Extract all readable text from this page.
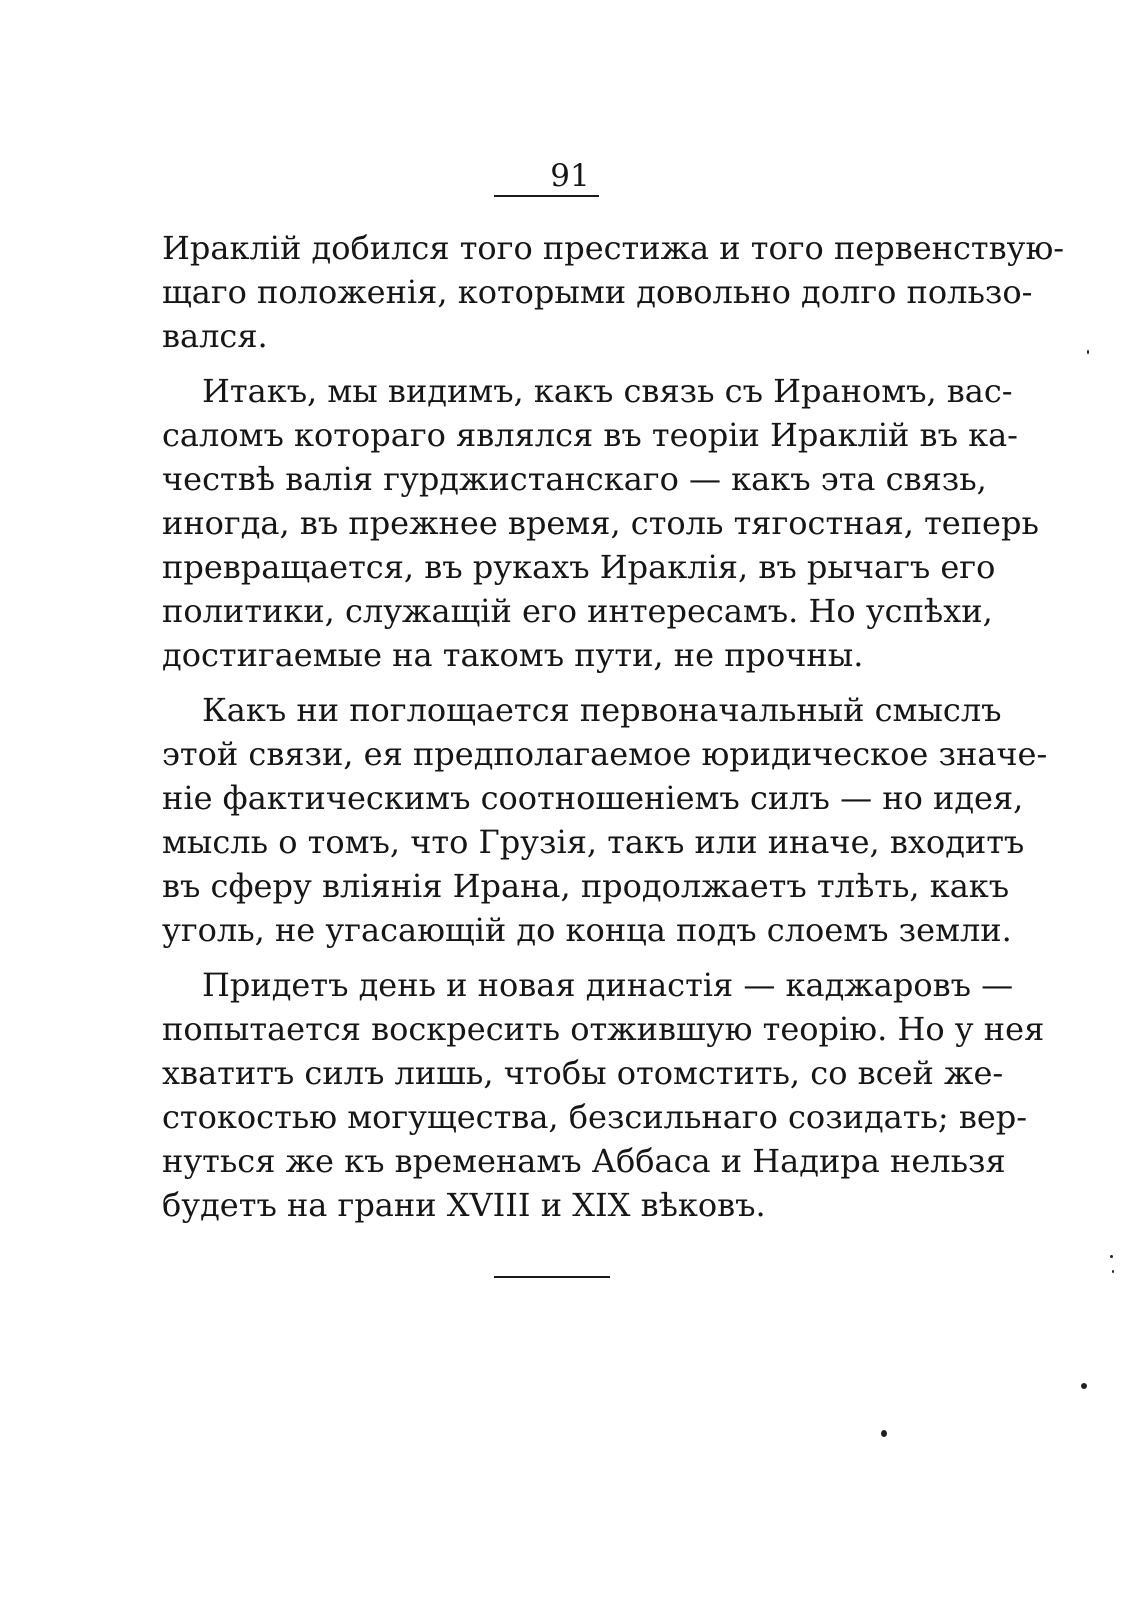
91

Ираклій добился того престижа и того первенствую-
щаго положенія, которыми довольно долго пользо-
вался.

Итакъ, мы видимъ, какъ связь съ Ираномъ, вас-
саломъ котораго являлся въ теоріи Ираклій въ ка-
чествѣ валія гурджистанскаго — какъ эта связь,
иногда, въ прежнее время, столь тягостная, теперь
превращается, въ рукахъ Ираклія, въ рычагъ его
политики, служащій его интересамъ. Но успѣхи,
достигаемые на такомъ пути, не прочны.

Какъ ни поглощается первоначальный смыслъ
этой связи, ея предполагаемое юридическое значе-
ніе фактическимъ соотношеніемъ силъ — но идея,
мысль о томъ, что Грузія, такъ или иначе, входитъ
въ сферу вліянія Ирана, продолжаетъ тлѣть, какъ
уголь, не угасающій до конца подъ слоемъ земли.

Придетъ день и новая династія — каджаровъ —
попытается воскресить отжившую теорію. Но у нея
хватитъ силъ лишь, чтобы отомстить, со всей же-
стокостью могущества, безсильнаго созидать; вер-
нуться же къ временамъ Аббаса и Надира нельзя
будетъ на грани XVIII и XIX вѣковъ.
